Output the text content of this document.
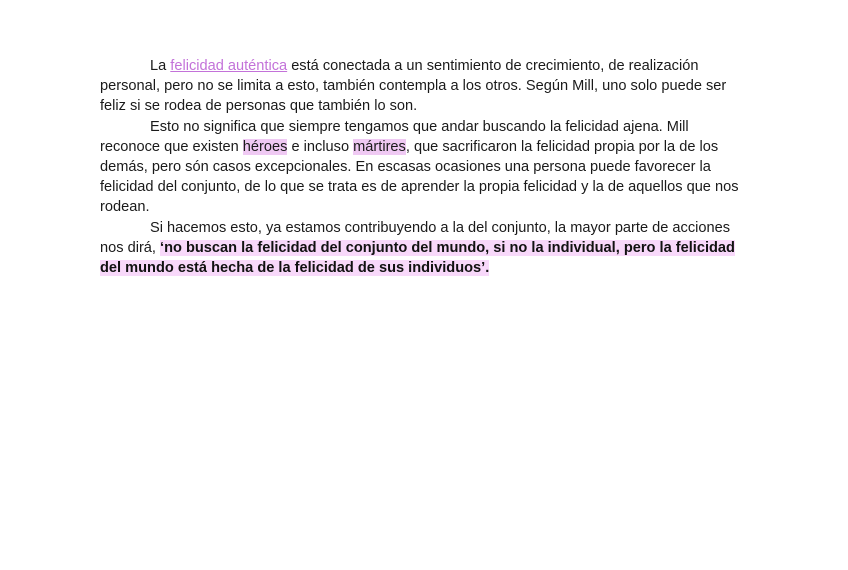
La felicidad auténtica está conectada a un sentimiento de crecimiento, de realización personal, pero no se limita a esto, también contempla a los otros. Según Mill, uno solo puede ser feliz si se rodea de personas que también lo son.

Esto no significa que siempre tengamos que andar buscando la felicidad ajena. Mill reconoce que existen héroes e incluso mártires, que sacrificaron la felicidad propia por la de los demás, pero són casos excepcionales. En escasas ocasiones una persona puede favorecer la felicidad del conjunto, de lo que se trata es de aprender la propia felicidad y la de aquellos que nos rodean.

Si hacemos esto, ya estamos contribuyendo a la del conjunto, la mayor parte de acciones nos dirá, ‘no buscan la felicidad del conjunto del mundo, si no la individual, pero la felicidad del mundo está hecha de la felicidad de sus individuos’.
